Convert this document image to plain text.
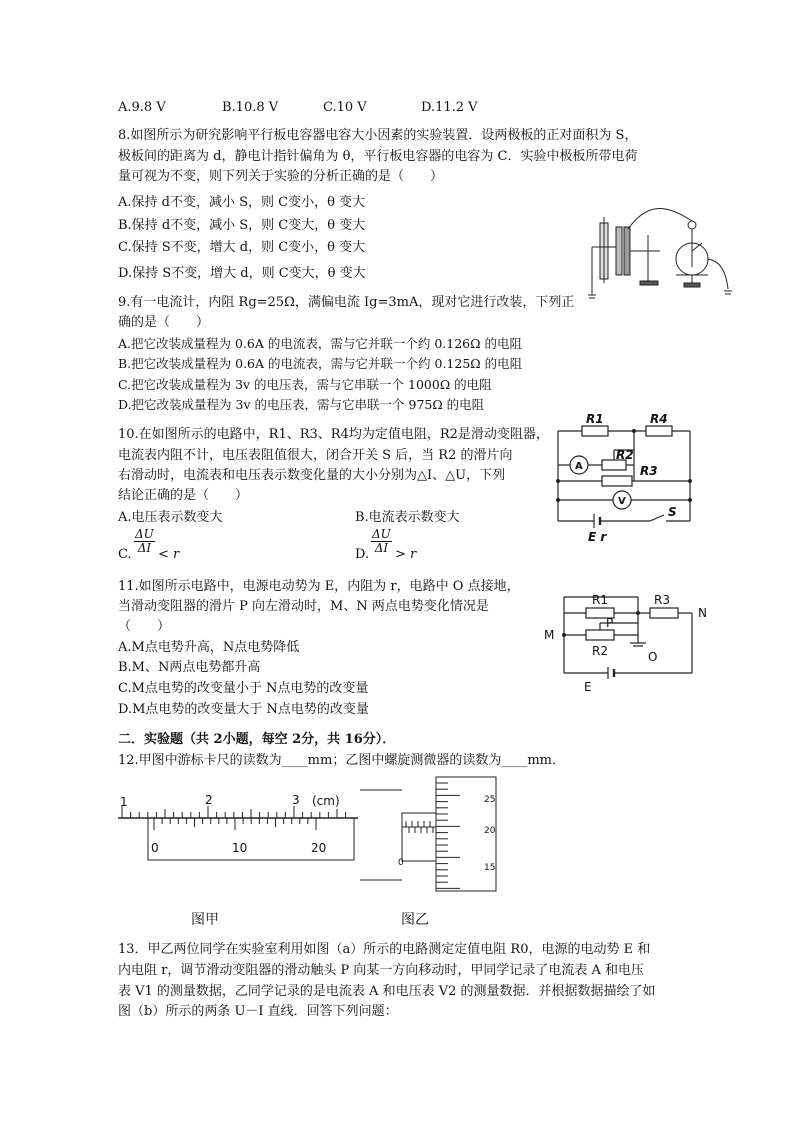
A.9.8 V	B.10.8 V	C.10 V	D.11.2 V
8.如图所示为研究影响平行板电容器电容大小因素的实验装置．设两极板的正对面积为 S，
极板间的距离为 d，静电计指针偏角为 θ，平行板电容器的电容为 C．实验中极板所带电荷
量可视为不变，则下列关于实验的分析正确的是（　　）
A.保持 d不变，减小 S，则 C变小，θ 变大
B.保持 d不变，减小 S，则 C变大，θ 变大
C.保持 S不变，增大 d，则 C变小，θ 变大
D.保持 S不变，增大 d，则 C变大，θ 变大
9.有一电流计，内阻 Rg=25Ω，满偏电流 Ig=3mA，现对它进行改装，下列正
确的是（　　）
A.把它改装成量程为 0.6A 的电流表，需与它并联一个约 0.126Ω 的电阻
B.把它改装成量程为 0.6A 的电流表，需与它并联一个约 0.125Ω 的电阻
C.把它改装成量程为 3v 的电压表，需与它串联一个 1000Ω 的电阻
D.把它改装成量程为 3v 的电压表，需与它串联一个 975Ω 的电阻
10.在如图所示的电路中，R1、R3、R4均为定值电阻，R2是滑动变阻器，
电流表内阻不计，电压表阻值很大，闭合开关 S 后，当 R2 的滑片向
右滑动时，电流表和电压表示数变化量的大小分别为△I、△U，下列
结论正确的是（　　）
A.电压表示数变大	B.电流表示数变大
C. $\frac{\Delta U}{\Delta I} < r$	D. $\frac{\Delta U}{\Delta I} > r$
R1	R4
R2
R3
A
V
S
E r
11.如图所示电路中，电源电动势为 E，内阻为 r，电路中 O 点接地，
当滑动变阻器的滑片 P 向左滑动时，M、N 两点电势变化情况是
（　　）
A.M点电势升高，N点电势降低
B.M、N两点电势都升高
C.M点电势的改变量小于 N点电势的改变量
D.M点电势的改变量大于 N点电势的改变量
R1	R3
N
M
P
R2	O
E
二．实验题（共 2小题，每空 2分，共 16分）．
12.甲图中游标卡尺的读数为____mm；乙图中螺旋测微器的读数为____mm．
1	2	3 (cm)
0	10	20
图甲
25
20
15
0
图乙
13．甲乙两位同学在实验室利用如图（a）所示的电路测定定值电阻 R0，电源的电动势 E 和
内电阻 r，调节滑动变阻器的滑动触头 P 向某一方向移动时，甲同学记录了电流表 A 和电压
表 V1 的测量数据，乙同学记录的是电流表 A 和电压表 V2 的测量数据．并根据数据描绘了如
图（b）所示的两条 U－I 直线．回答下列问题：
